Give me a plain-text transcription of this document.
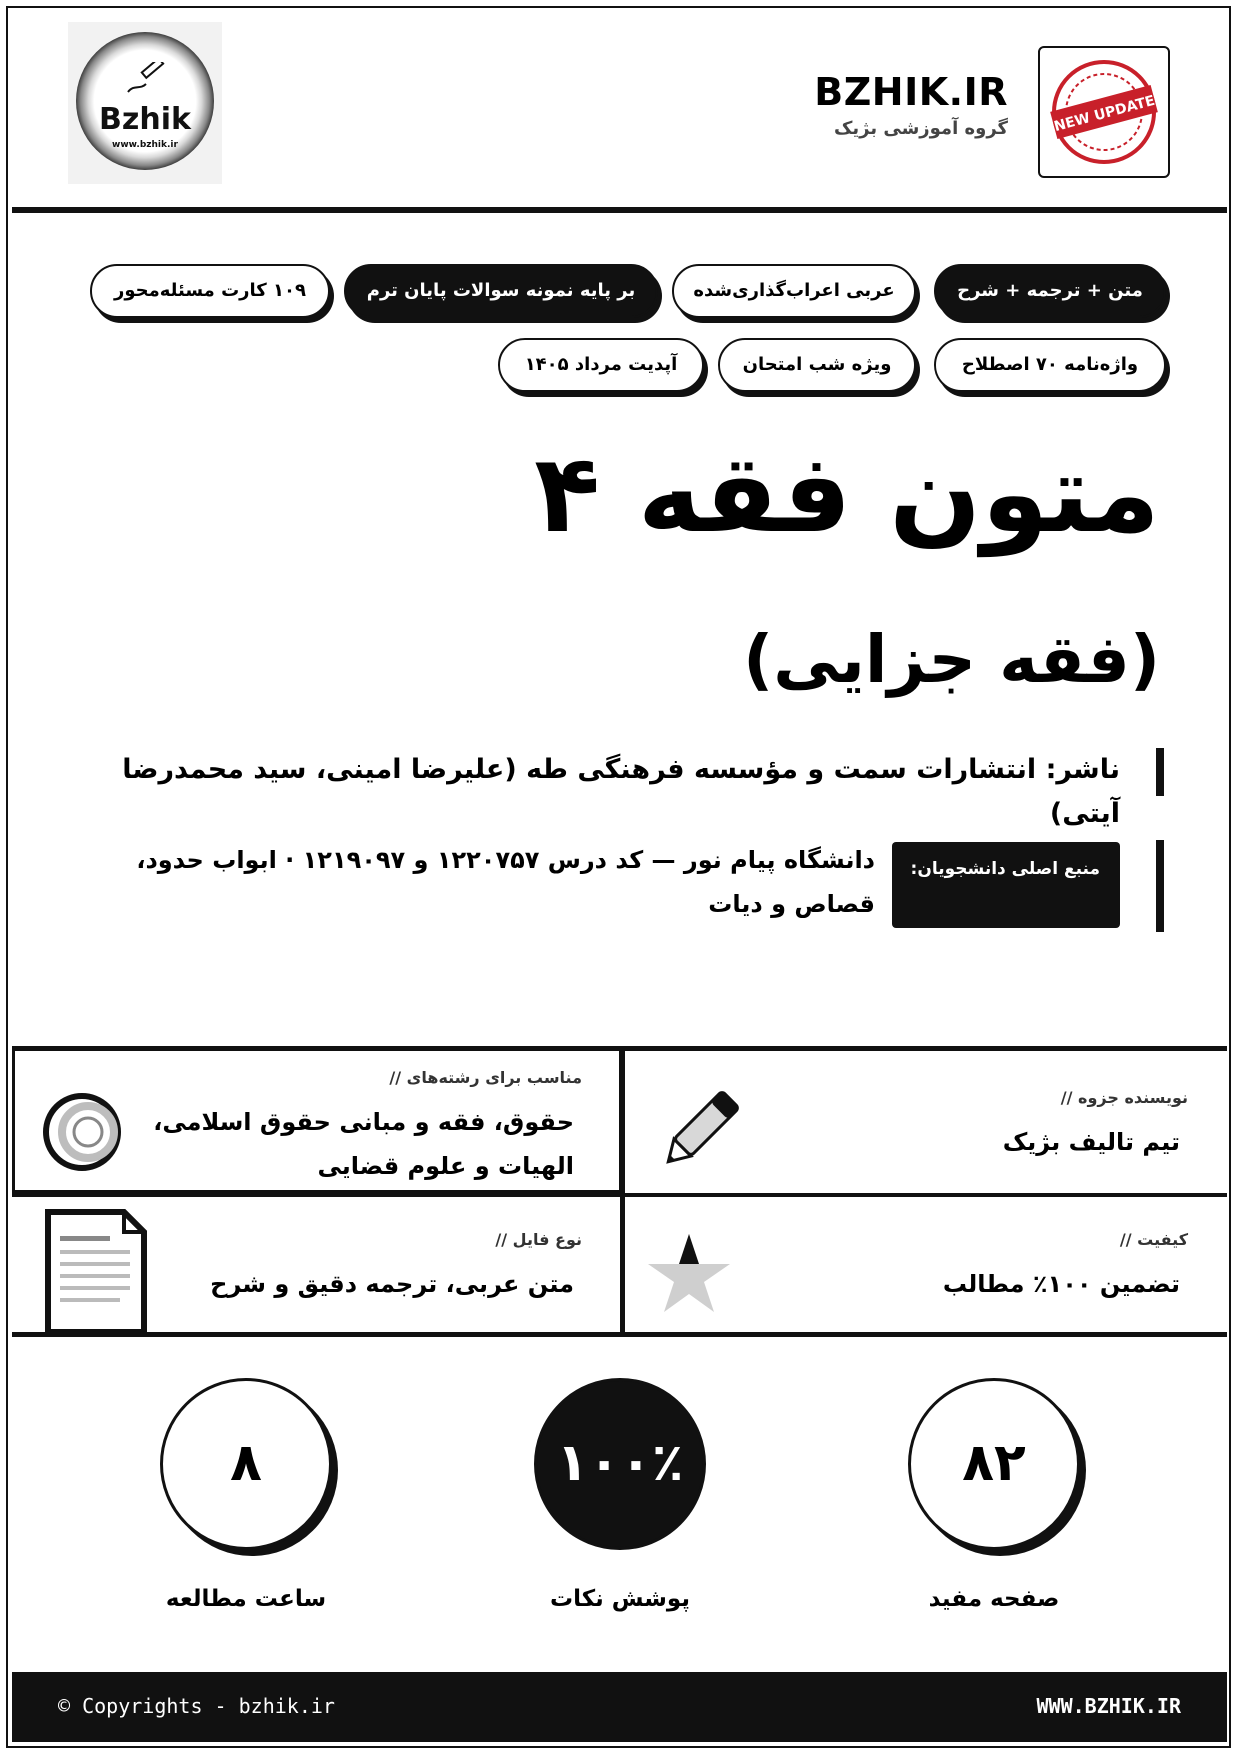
Bzhik
www.bzhik.ir
BZHIK.IR
گروه آموزشی بژیک	NEW UPDATE
متن + ترجمه + شرح
عربی اعراب‌گذاری‌شده
بر پایه نمونه سوالات پایان ترم
۱۰۹ کارت مسئله‌محور
واژه‌نامه ۷۰ اصطلاح
ویژه شب امتحان
آپدیت مرداد ۱۴۰۵
متون فقه ۴
(فقه جزایی)
ناشر: انتشارات سمت و مؤسسه فرهنگی طه (علیرضا امینی، سید محمدرضا آیتی)
منبع اصلی دانشجویان:
دانشگاه پیام نور — کد درس ۱۲۲۰۷۵۷ و ۱۲۱۹۰۹۷ · ابواب حدود، قصاص و دیات
نویسنده جزوه //
تیم تالیف بژیک
مناسب برای رشته‌های //
حقوق، فقه و مبانی حقوق اسلامی، الهیات و علوم قضایی
کیفیت //
تضمین ۱۰۰٪ مطالب
نوع فایل //
متن عربی، ترجمه دقیق و شرح
۸۲
صفحه مفید
۱۰۰٪
پوشش نکات
۸
ساعت مطالعه
© Copyrights - bzhik.ir	WWW.BZHIK.IR
